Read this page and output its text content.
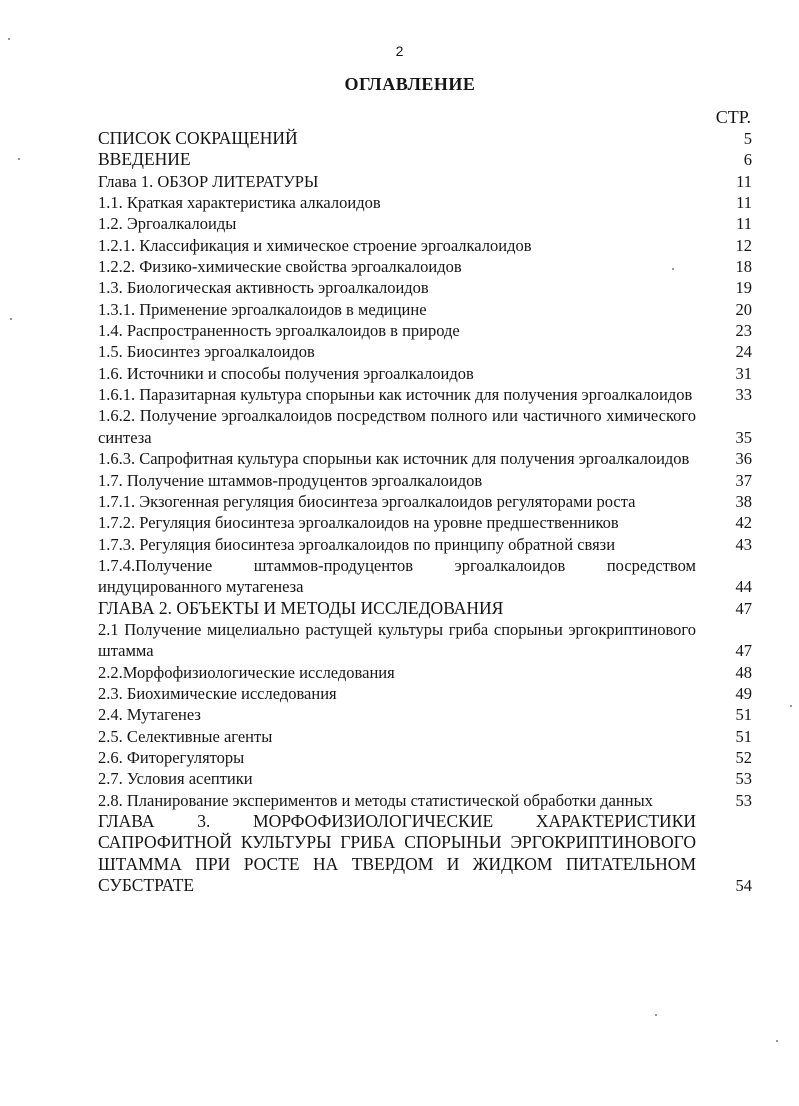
2
ОГЛАВЛЕНИЕ
СТР.
СПИСОК СОКРАЩЕНИЙ	5
ВВЕДЕНИЕ	6
Глава 1. ОБЗОР ЛИТЕРАТУРЫ	11
1.1. Краткая характеристика алкалоидов	11
1.2. Эргоалкалоиды	11
1.2.1. Классификация и химическое строение эргоалкалоидов	12
1.2.2. Физико-химические свойства эргоалкалоидов	18
1.3. Биологическая активность эргоалкалоидов	19
1.3.1. Применение эргоалкалоидов в медицине	20
1.4. Распространенность эргоалкалоидов в природе	23
1.5. Биосинтез эргоалкалоидов	24
1.6. Источники и способы получения эргоалкалоидов	31
1.6.1. Паразитарная культура спорыньи как источник для получения эргоалкалоидов	33
1.6.2. Получение эргоалкалоидов посредством полного или частичного химического синтеза	35
1.6.3. Сапрофитная культура спорыньи как источник для получения эргоалкалоидов	36
1.7. Получение штаммов-продуцентов эргоалкалоидов	37
1.7.1. Экзогенная регуляция биосинтеза эргоалкалоидов регуляторами роста	38
1.7.2. Регуляция биосинтеза эргоалкалоидов на уровне предшественников	42
1.7.3. Регуляция биосинтеза эргоалкалоидов по принципу обратной связи	43
1.7.4.Получение штаммов-продуцентов эргоалкалоидов посредством индуцированного мутагенеза	44
ГЛАВА 2. ОБЪЕКТЫ И МЕТОДЫ ИССЛЕДОВАНИЯ	47
2.1 Получение мицелиально растущей культуры гриба спорыньи эргокриптинового штамма	47
2.2.Морфофизиологические исследования	48
2.3. Биохимические исследования	49
2.4. Мутагенез	51
2.5. Селективные агенты	51
2.6. Фиторегуляторы	52
2.7. Условия асептики	53
2.8. Планирование экспериментов и методы статистической обработки данных	53
ГЛАВА 3. МОРФОФИЗИОЛОГИЧЕСКИЕ ХАРАКТЕРИСТИКИ САПРОФИТНОЙ КУЛЬТУРЫ ГРИБА СПОРЫНЬИ ЭРГОКРИПТИНОВОГО ШТАММА ПРИ РОСТЕ НА ТВЕРДОМ И ЖИДКОМ ПИТАТЕЛЬНОМ СУБСТРАТЕ	54
